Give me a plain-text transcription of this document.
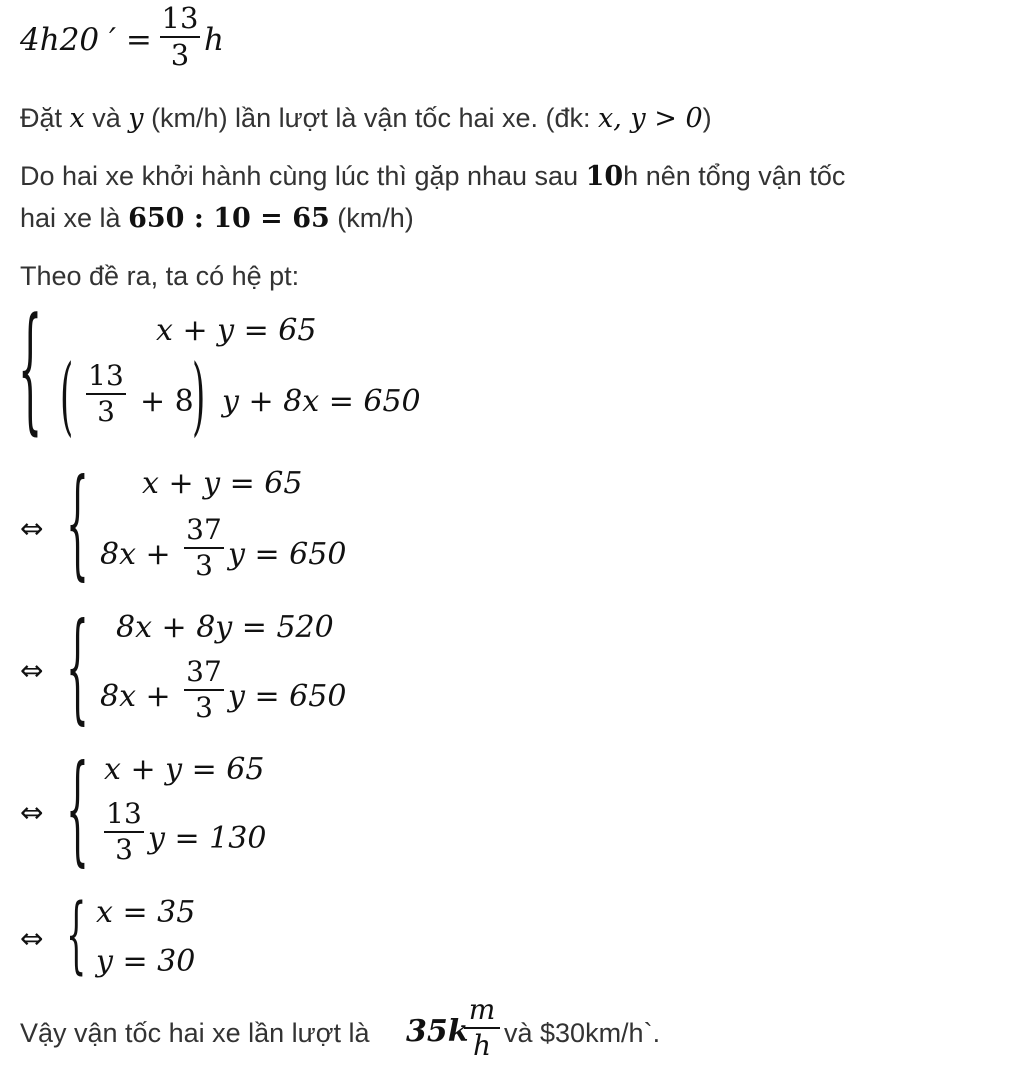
4h20 ′ =
13
3 h
Đặt x và y (km/h) lần lượt là vận tốc hai xe. (đk: x, y > 0)
Do hai xe khởi hành cùng lúc thì gặp nhau sau 10h nên tổng vận tốc
hai xe là 650 : 10 = 65 (km/h)
Theo đề ra, ta có hệ pt:
{	x + y = 65
( 13
3 + 8
) y + 8x = 650
⇔ { x + y = 65
8x +
37
3 y = 650
⇔ { 8x + 8y = 520
8x +
37
3 y = 650
⇔ { x + y = 65
13
3 y = 130
⇔ { x = 35
y = 30
Vậy vận tốc hai xe lần lượt là 35k
m
h và $30km/h`.
